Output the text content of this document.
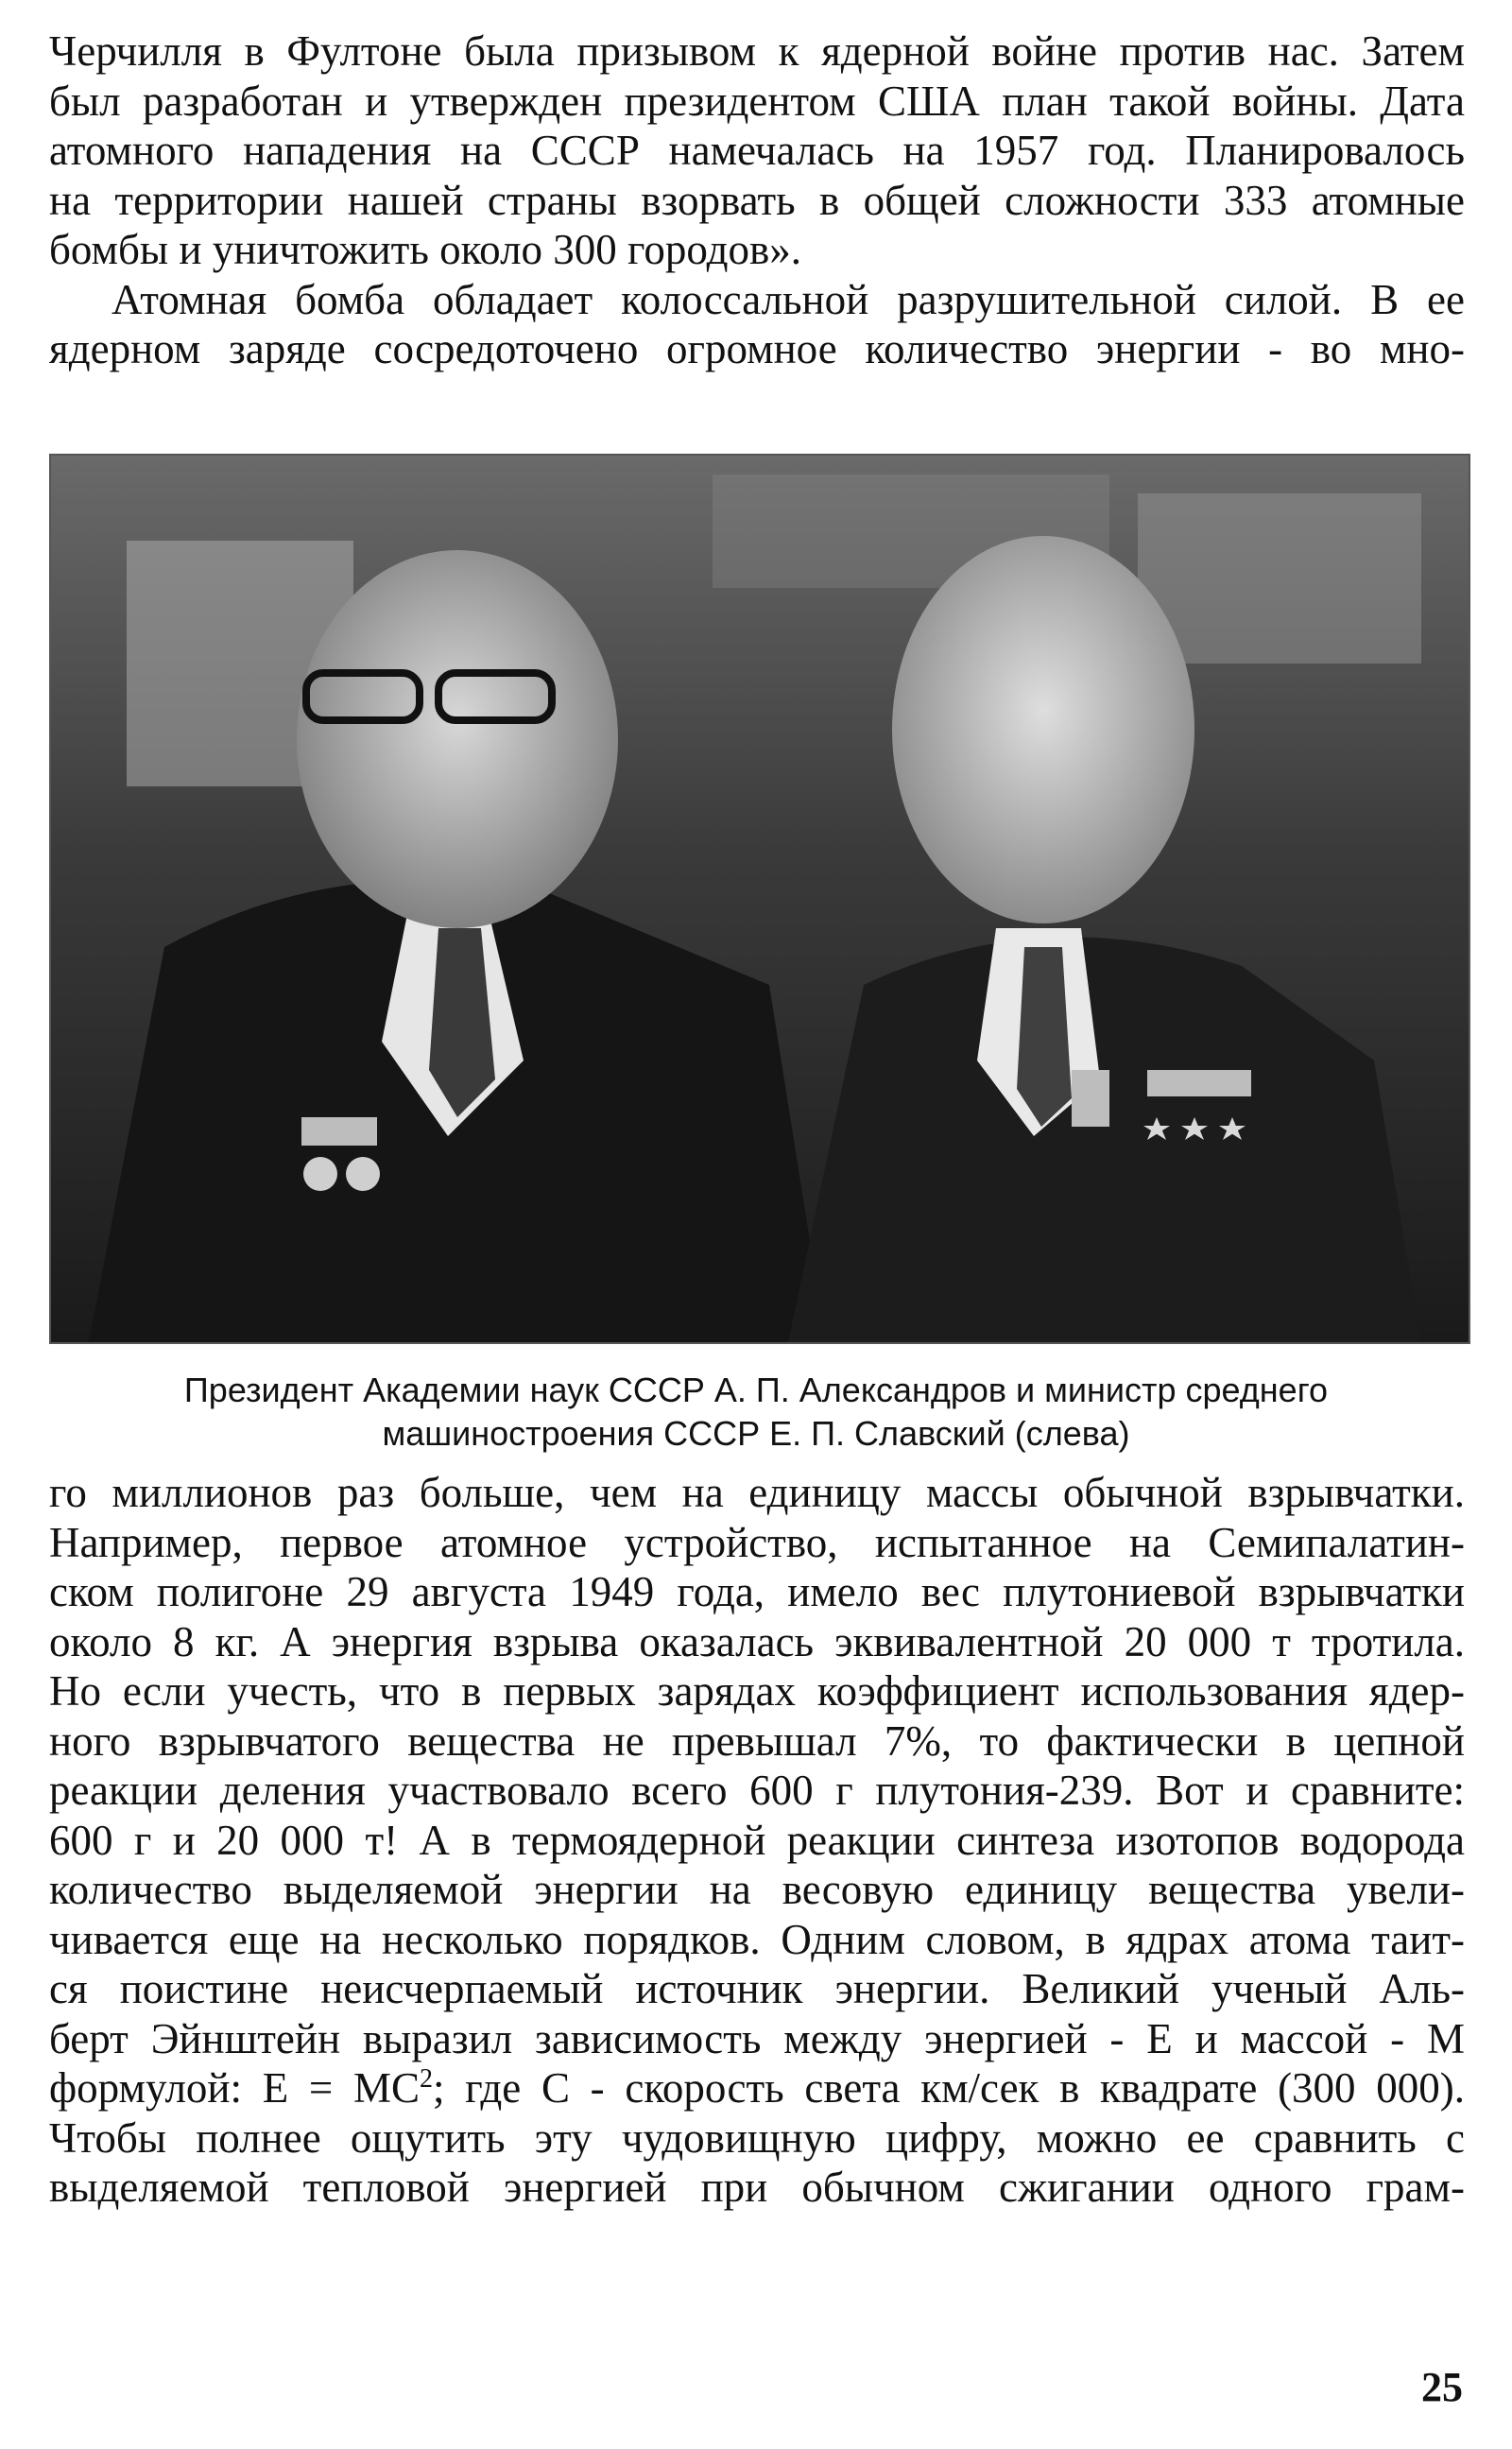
Черчилля в Фултоне была призывом к ядерной войне против нас. Затем
был разработан и утвержден президентом США план такой войны. Дата
атомного нападения на СССР намечалась на 1957 год. Планировалось
на территории нашей страны взорвать в общей сложности 333 атомные
бомбы и уничтожить около 300 городов».
Атомная бомба обладает колоссальной разрушительной силой. В ее
ядерном заряде сосредоточено огромное количество энергии - во мно-
Президент Академии наук СССР А. П. Александров и министр среднего
машиностроения СССР Е. П. Славский (слева)
го миллионов раз больше, чем на единицу массы обычной взрывчатки.
Например, первое атомное устройство, испытанное на Семипалатин-
ском полигоне 29 августа 1949 года, имело вес плутониевой взрывчатки
около 8 кг. А энергия взрыва оказалась эквивалентной 20 000 т тротила.
Но если учесть, что в первых зарядах коэффициент использования ядер-
ного взрывчатого вещества не превышал 7%, то фактически в цепной
реакции деления участвовало всего 600 г плутония-239. Вот и сравните:
600 г и 20 000 т! А в термоядерной реакции синтеза изотопов водорода
количество выделяемой энергии на весовую единицу вещества увели-
чивается еще на несколько порядков. Одним словом, в ядрах атома таит-
ся поистине неисчерпаемый источник энергии. Великий ученый Аль-
берт Эйнштейн выразил зависимость между энергией - Е и массой - М
формулой: $Е = МС^2$; где С - скорость света км/сек в квадрате (300 000).
Чтобы полнее ощутить эту чудовищную цифру, можно ее сравнить с
выделяемой тепловой энергией при обычном сжигании одного грам-
25
